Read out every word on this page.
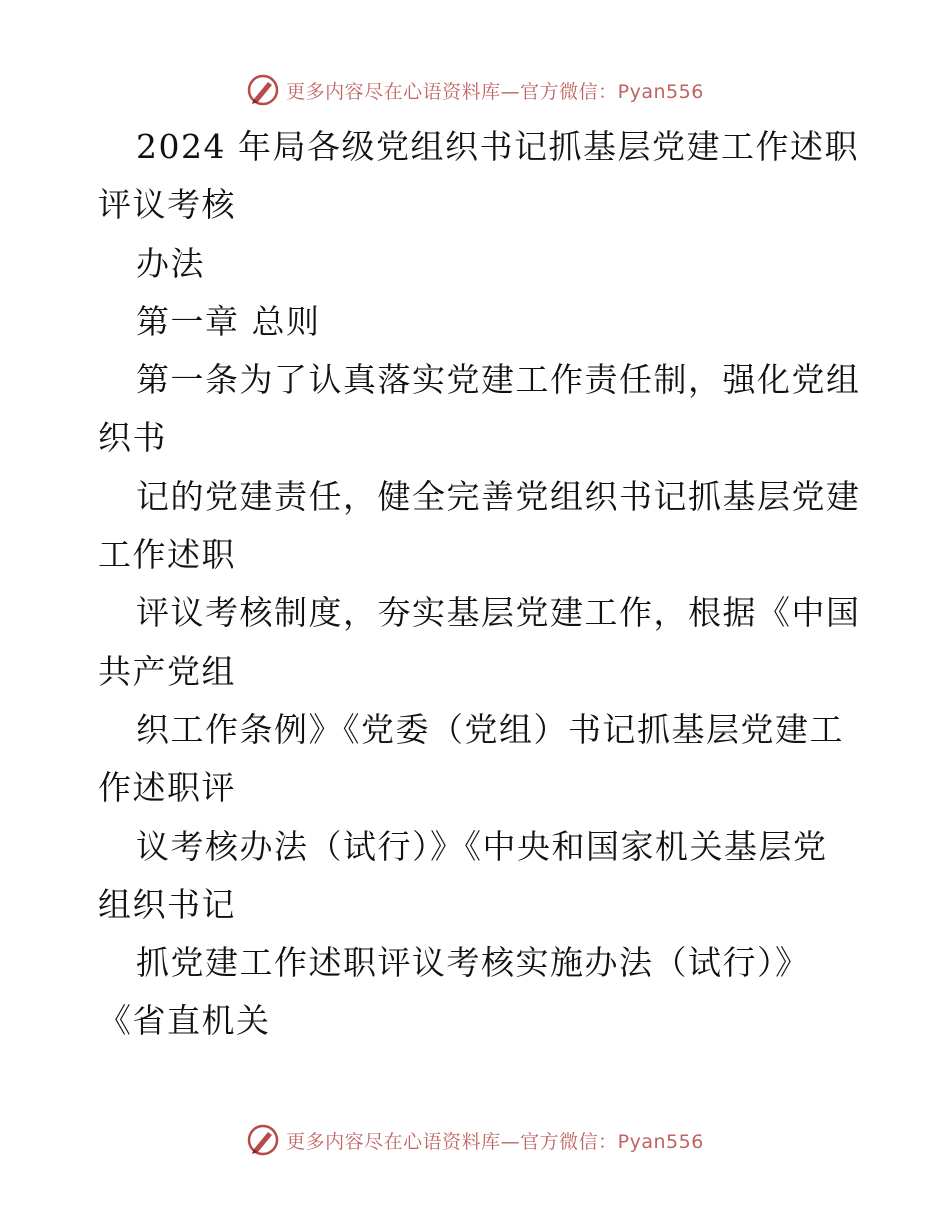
更多内容尽在心语资料库—官方微信：Pyan556
2024 年局各级党组织书记抓基层党建工作述职
评议考核
办法
第一章 总则
第一条为了认真落实党建工作责任制，强化党组
织书
记的党建责任，健全完善党组织书记抓基层党建
工作述职
评议考核制度，夯实基层党建工作，根据《中国
共产党组
织工作条例》《党委（党组）书记抓基层党建工
作述职评
议考核办法（试行）》《中央和国家机关基层党
组织书记
抓党建工作述职评议考核实施办法（试行）》
《省直机关
更多内容尽在心语资料库—官方微信：Pyan556
